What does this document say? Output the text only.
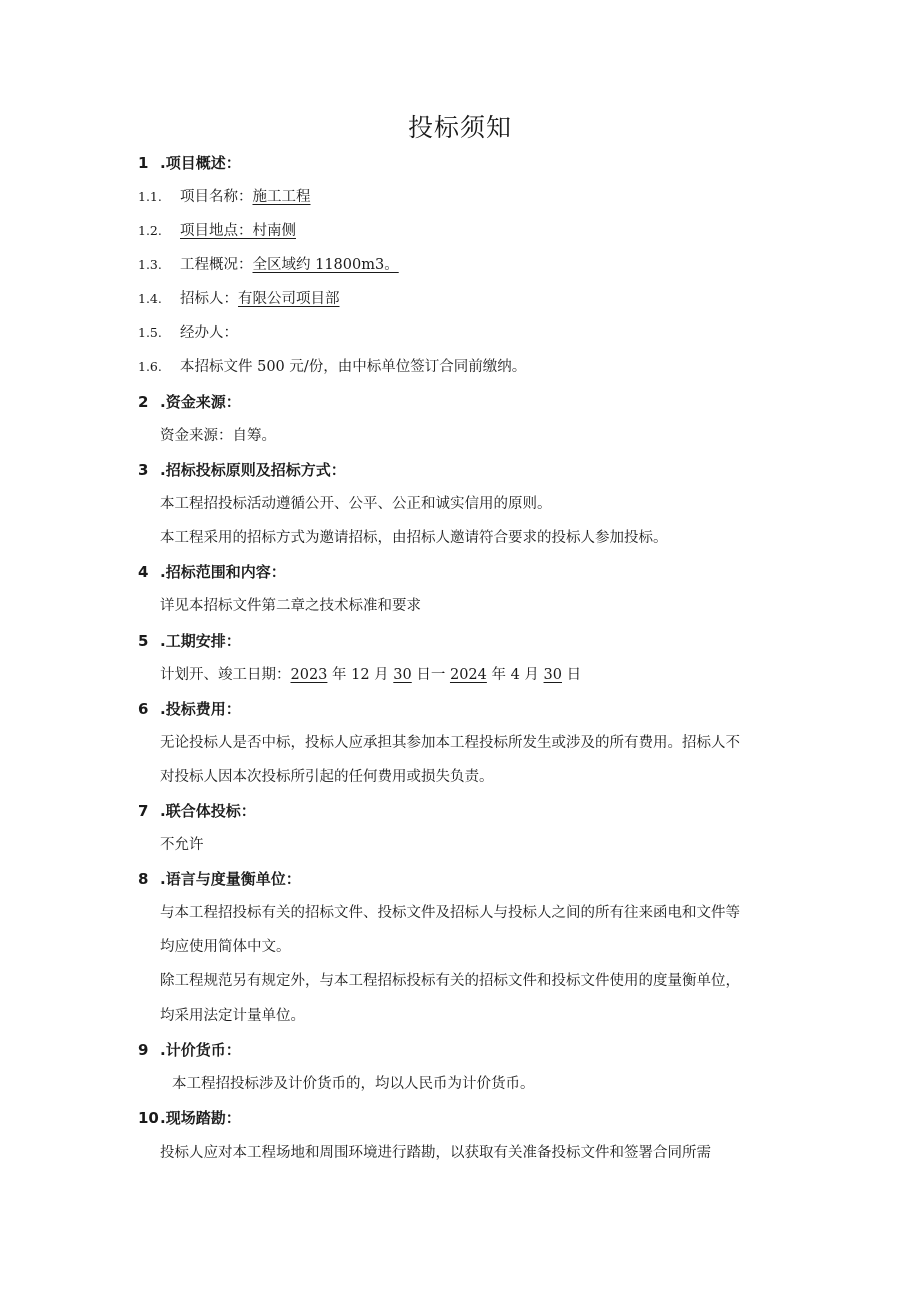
投标须知
1 .项目概述：
1.1. 项目名称：施工工程
1.2. 项目地点：村南侧
1.3. 工程概况：全区域约 11800m3。
1.4. 招标人：有限公司项目部
1.5. 经办人：
1.6. 本招标文件 500 元/份，由中标单位签订合同前缴纳。
2 .资金来源：
资金来源：自筹。
3 .招标投标原则及招标方式：
本工程招投标活动遵循公开、公平、公正和诚实信用的原则。
本工程采用的招标方式为邀请招标，由招标人邀请符合要求的投标人参加投标。
4 .招标范围和内容：
详见本招标文件第二章之技术标准和要求
5 .工期安排：
计划开、竣工日期：2023 年 12 月 30 日一 2024 年 4 月 30 日
6 .投标费用：
无论投标人是否中标，投标人应承担其参加本工程投标所发生或涉及的所有费用。招标人不
对投标人因本次投标所引起的任何费用或损失负责。
7 .联合体投标：
不允许
8 .语言与度量衡单位：
与本工程招投标有关的招标文件、投标文件及招标人与投标人之间的所有往来函电和文件等
均应使用简体中文。
除工程规范另有规定外，与本工程招标投标有关的招标文件和投标文件使用的度量衡单位，
均采用法定计量单位。
9 .计价货币：
本工程招投标涉及计价货币的，均以人民币为计价货币。
10.现场踏勘：
投标人应对本工程场地和周围环境进行踏勘，以获取有关准备投标文件和签署合同所需
